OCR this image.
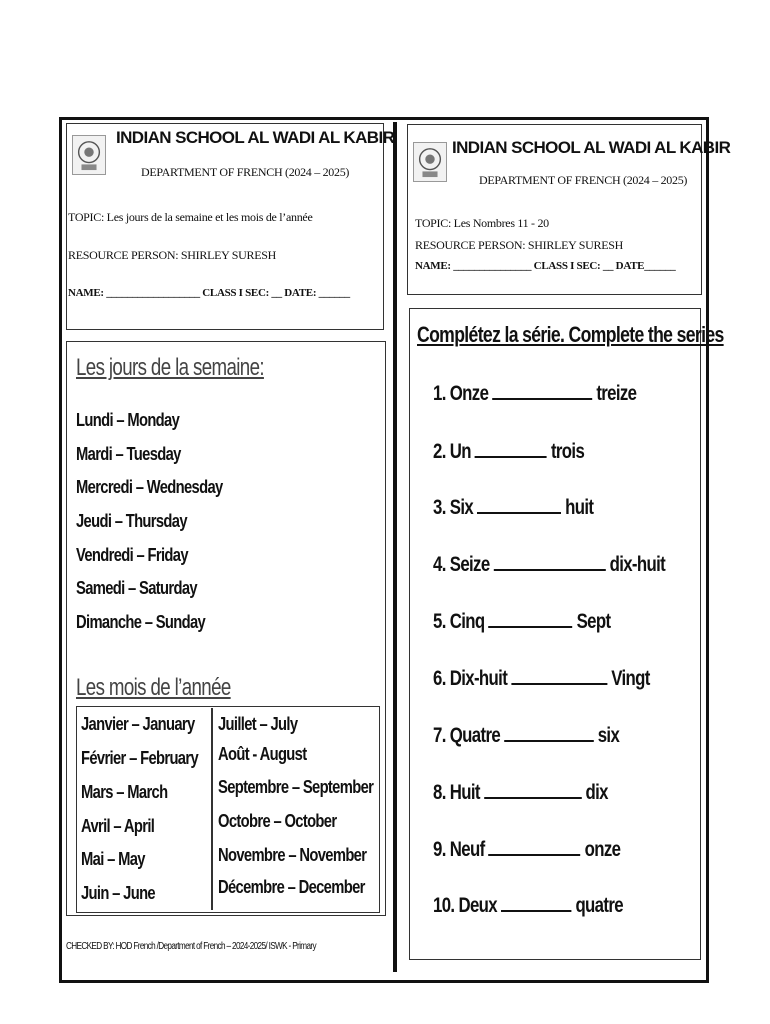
INDIAN SCHOOL AL WADI AL KABIR
DEPARTMENT OF FRENCH (2024 – 2025)
TOPIC: Les jours de la semaine et les mois de l’année
RESOURCE PERSON: SHIRLEY SURESH
NAME: __________________ CLASS I SEC: __ DATE: ______
INDIAN SCHOOL AL WADI AL KABIR
DEPARTMENT OF FRENCH (2024 – 2025)
TOPIC: Les Nombres 11 - 20
RESOURCE PERSON: SHIRLEY SURESH
NAME: _______________ CLASS I SEC: __ DATE______
Les jours de la semaine:
Lundi – Monday
Mardi – Tuesday
Mercredi – Wednesday
Jeudi – Thursday
Vendredi – Friday
Samedi – Saturday
Dimanche – Sunday
Les mois de l’année
Janvier – January
Février – February
Mars – March
Avril – April
Mai – May
Juin – June
Juillet – July
Août - August
Septembre – September
Octobre – October
Novembre – November
Décembre – December
CHECKED BY: HOD French /Department of French – 2024-2025/ ISWK - Primary
Complétez la série. Complete the series
1. Onze	treize
2. Un	trois
3. Six	huit
4. Seize	dix-huit
5. Cinq	Sept
6. Dix-huit	Vingt
7. Quatre	six
8. Huit	dix
9. Neuf	onze
10. Deux	quatre
